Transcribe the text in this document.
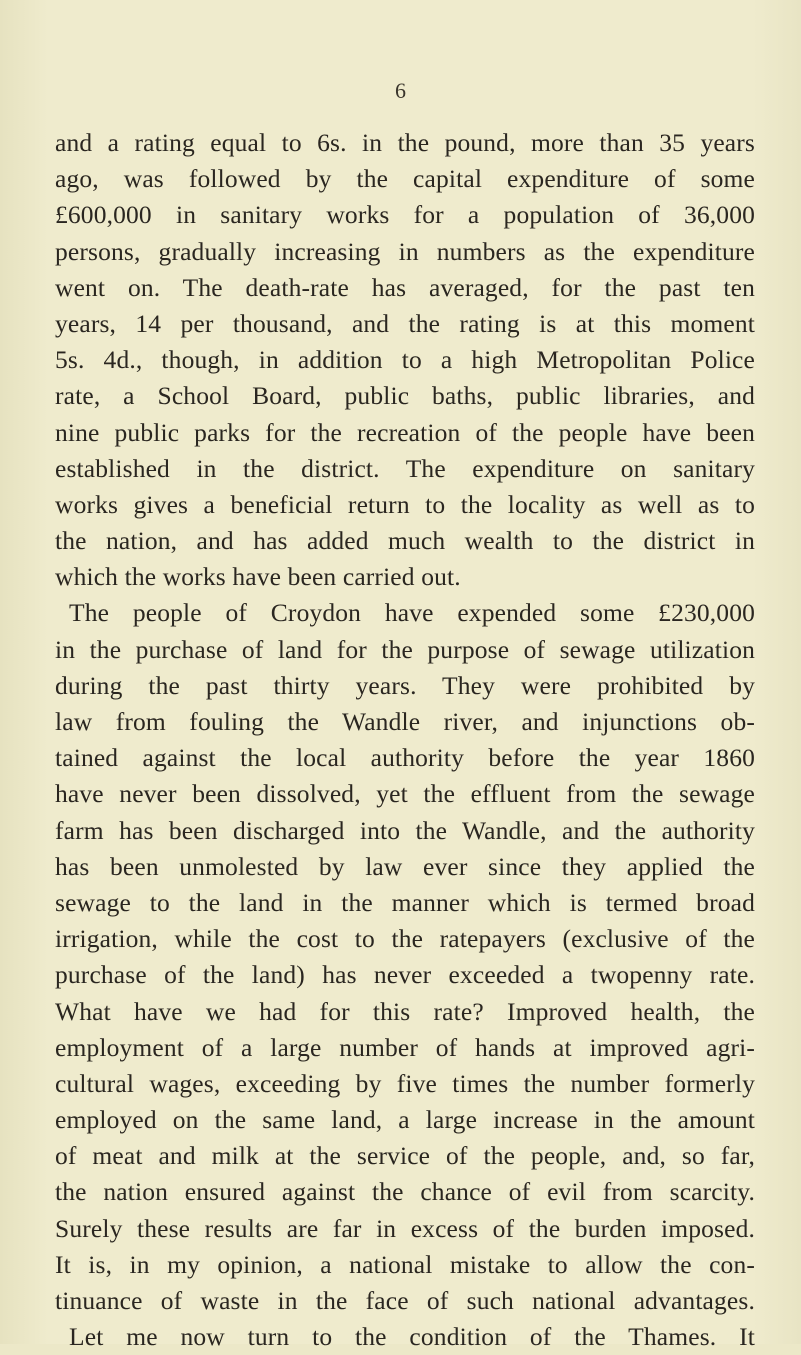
6
and a rating equal to 6s. in the pound, more than 35 years
ago, was followed by the capital expenditure of some
£600,000 in sanitary works for a population of 36,000
persons, gradually increasing in numbers as the expenditure
went on. The death-rate has averaged, for the past ten
years, 14 per thousand, and the rating is at this moment
5s. 4d., though, in addition to a high Metropolitan Police
rate, a School Board, public baths, public libraries, and
nine public parks for the recreation of the people have been
established in the district. The expenditure on sanitary
works gives a beneficial return to the locality as well as to
the nation, and has added much wealth to the district in
which the works have been carried out.
The people of Croydon have expended some £230,000
in the purchase of land for the purpose of sewage utilization
during the past thirty years. They were prohibited by
law from fouling the Wandle river, and injunctions ob-
tained against the local authority before the year 1860
have never been dissolved, yet the effluent from the sewage
farm has been discharged into the Wandle, and the authority
has been unmolested by law ever since they applied the
sewage to the land in the manner which is termed broad
irrigation, while the cost to the ratepayers (exclusive of the
purchase of the land) has never exceeded a twopenny rate.
What have we had for this rate? Improved health, the
employment of a large number of hands at improved agri-
cultural wages, exceeding by five times the number formerly
employed on the same land, a large increase in the amount
of meat and milk at the service of the people, and, so far,
the nation ensured against the chance of evil from scarcity.
Surely these results are far in excess of the burden imposed.
It is, in my opinion, a national mistake to allow the con-
tinuance of waste in the face of such national advantages.
Let me now turn to the condition of the Thames. It
